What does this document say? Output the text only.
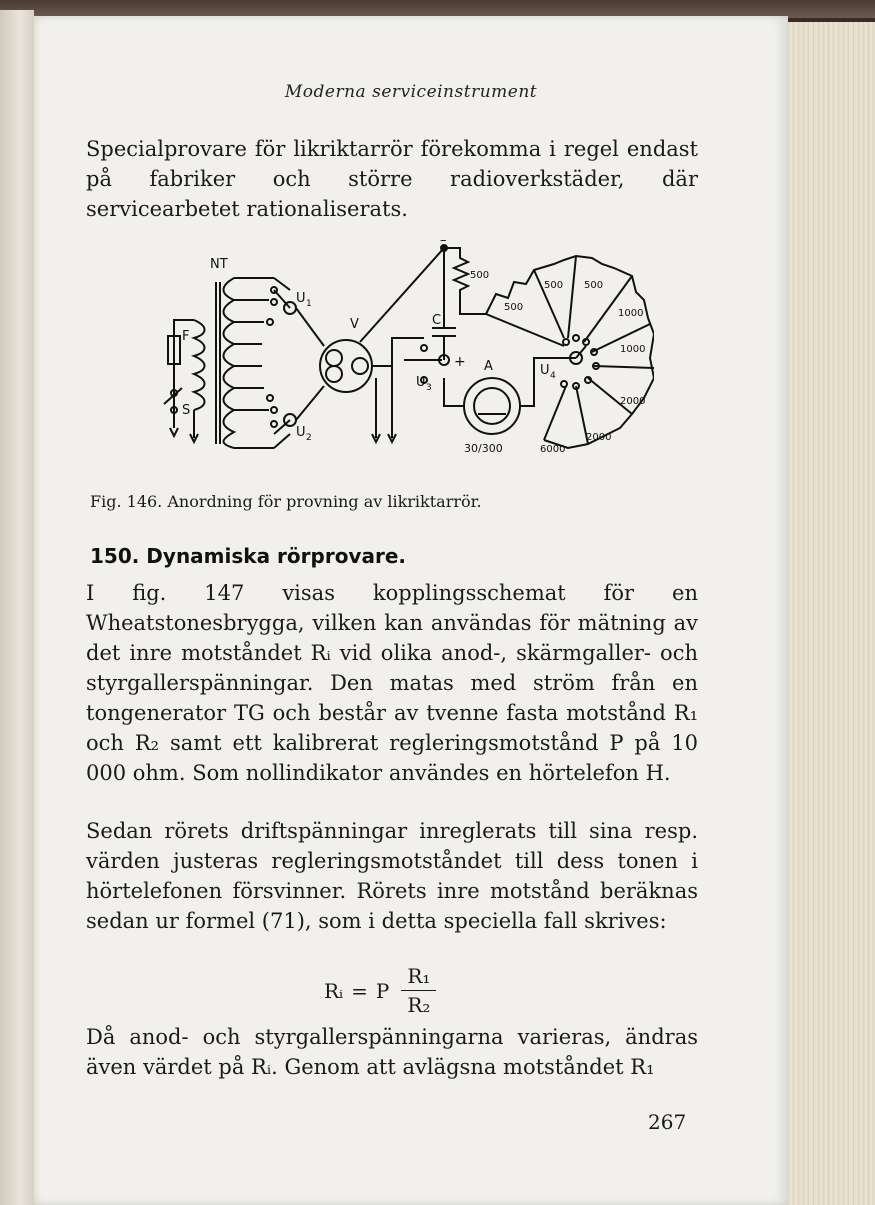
Moderna serviceinstrument

Specialprovare för likriktarrör förekomma i regel endast på fabriker och större radioverkstäder, där servicearbetet rationaliserats.

NT
F
S
U 1
U 2
U 3
U 4
V	C
A
–
+
30/300
500
500
500 500
1000
1000
2000
2000
6000
Fig. 146. Anordning för provning av likriktarrör.
150. Dynamiska rörprovare.

I fig. 147 visas kopplingsschemat för en Wheatstonesbrygga, vilken kan användas för mätning av det inre motståndet Rᵢ vid olika anod-, skärmgaller- och styrgallerspänningar. Den matas med ström från en tongenerator TG och består av tvenne fasta motstånd R₁ och R₂ samt ett kalibrerat regleringsmotstånd P på 10 000 ohm. Som nollindikator användes en hörtelefon H.

Sedan rörets driftspänningar inreglerats till sina resp. värden justeras regleringsmotståndet till dess tonen i hörtelefonen försvinner. Rörets inre motstånd beräknas sedan ur formel (71), som i detta speciella fall skrives:

Rᵢ = P $\frac{\text{R₁}}{\text{R₂}}$

Då anod- och styrgallerspänningarna varieras, ändras även värdet på Rᵢ. Genom att avlägsna motståndet R₁

267
